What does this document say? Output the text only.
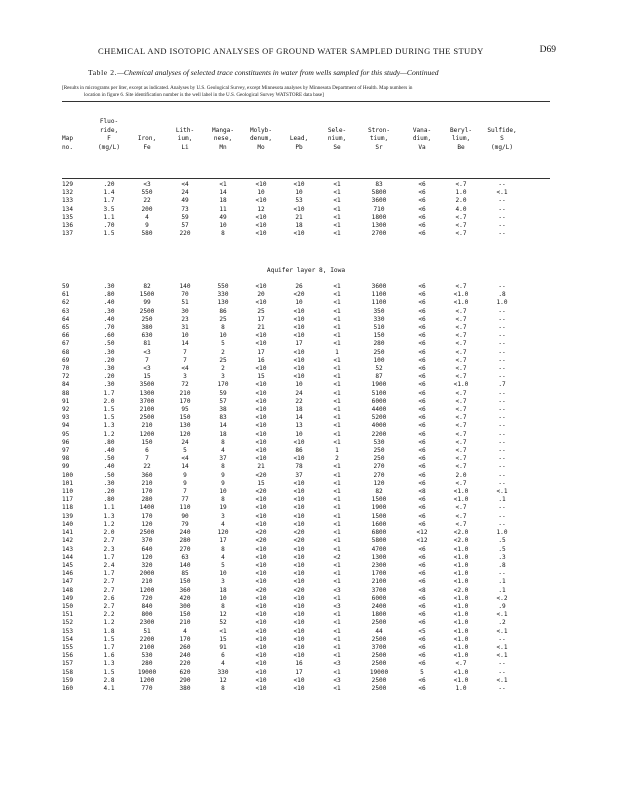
CHEMICAL AND ISOTOPIC ANALYSES OF GROUND WATER SAMPLED DURING THE STUDY	D69
Table 2.—Chemical analyses of selected trace constituents in water from wells sampled for this study—Continued
[Results in micrograms per liter, except as indicated. Analyses by U.S. Geological Survey, except Minnesota analyses by Minnesota Department of Health. Map numbers in
location in figure 6. Site identification number is the well label in the U.S. Geological Survey WATSTORE data base]
	Fluo-										
	ride,		Lith-	Manga-	Molyb-		Sele-	Stron-	Vana-	Beryl-	Sulfide,
Map	F	Iron,	ium,	nese,	denum,	Lead,	nium,	tium,	dium,	lium,	S
no.	(mg/L)	Fe	Li	Mn	Mo	Pb	Se	Sr	Va	Be	(mg/L)
129	.20	<3	<4	<1	<10	<10	<1	83	<6	<.7	--
132	1.4	550	24	14	10	10	<1	5800	<6	1.0	<.1
133	1.7	22	49	18	<10	53	<1	3600	<6	2.0	--
134	3.5	200	73	11	12	<10	<1	710	<6	4.0	--
135	1.1	4	59	49	<10	21	<1	1800	<6	<.7	--
136	.70	9	57	10	<10	18	<1	1300	<6	<.7	--
137	1.5	580	220	8	<10	<10	<1	2700	<6	<.7	--
Aquifer layer 8, Iowa
59	.30	82	140	550	<10	26	<1	3600	<6	<.7	--
61	.80	1500	70	330	20	<20	<1	1100	<6	<1.0	.8
62	.40	99	51	130	<10	10	<1	1100	<6	<1.0	1.0
63	.30	2500	30	86	25	<10	<1	350	<6	<.7	--
64	.40	250	23	25	17	<10	<1	330	<6	<.7	--
65	.70	380	31	8	21	<10	<1	510	<6	<.7	--
66	.60	630	10	10	<10	<10	<1	150	<6	<.7	--
67	.50	81	14	5	<10	17	<1	280	<6	<.7	--
68	.30	<3	7	2	17	<10	1	250	<6	<.7	--
69	.20	7	7	25	16	<10	<1	100	<6	<.7	--
70	.30	<3	<4	2	<10	<10	<1	52	<6	<.7	--
72	.20	15	3	3	15	<10	<1	87	<6	<.7	--
84	.30	3500	72	170	<10	10	<1	1900	<6	<1.0	.7
88	1.7	1300	210	59	<10	24	<1	5100	<6	<.7	--
91	2.0	3700	170	57	<10	22	<1	6000	<6	<.7	--
92	1.5	2100	95	38	<10	18	<1	4400	<6	<.7	--
93	1.5	2500	150	83	<10	14	<1	5200	<6	<.7	--
94	1.3	210	130	14	<10	13	<1	4000	<6	<.7	--
95	1.2	1200	120	18	<10	10	<1	2200	<6	<.7	--
96	.80	150	24	8	<10	<10	<1	530	<6	<.7	--
97	.40	6	5	4	<10	86	1	250	<6	<.7	--
98	.50	7	<4	37	<10	<10	2	250	<6	<.7	--
99	.40	22	14	8	21	78	<1	270	<6	<.7	--
100	.50	360	9	9	<20	37	<1	270	<6	2.0	--
101	.30	210	9	9	15	<10	<1	120	<6	<.7	--
110	.20	170	7	10	<20	<10	<1	82	<8	<1.0	<.1
117	.80	280	77	8	<10	<10	<1	1500	<6	<1.0	.1
118	1.1	1400	110	19	<10	<10	<1	1900	<6	<.7	--
139	1.3	170	90	3	<10	<10	<1	1500	<6	<.7	--
140	1.2	120	79	4	<10	<10	<1	1600	<6	<.7	--
141	2.0	2500	240	120	<20	<20	<1	6800	<12	<2.0	1.0
142	2.7	370	280	17	<20	<20	<1	5800	<12	<2.0	.5
143	2.3	640	270	8	<10	<10	<1	4700	<6	<1.0	.5
144	1.7	120	63	4	<10	<10	<2	1300	<6	<1.0	.3
145	2.4	320	140	5	<10	<10	<1	2300	<6	<1.0	.8
146	1.7	2000	85	10	<10	<10	<1	1700	<6	<1.0	--
147	2.7	210	150	3	<10	<10	<1	2100	<6	<1.0	.1
148	2.7	1200	360	18	<20	<20	<3	3700	<8	<2.0	.1
149	2.6	720	420	10	<10	<10	<1	6000	<6	<1.0	<.2
150	2.7	840	300	8	<10	<10	<3	2400	<6	<1.0	.9
151	2.2	800	150	12	<10	<10	<1	1800	<6	<1.0	<.1
152	1.2	2300	210	52	<10	<10	<1	2500	<6	<1.0	.2
153	1.8	51	4	<1	<10	<10	<1	44	<5	<1.0	<.1
154	1.5	2200	170	15	<10	<10	<1	2500	<6	<1.0	--
155	1.7	2100	260	91	<10	<10	<1	3700	<6	<1.0	<.1
156	1.6	530	240	6	<10	<10	<1	2500	<6	<1.0	<.1
157	1.3	280	220	4	<10	16	<3	2500	<6	<.7	--
158	1.5	19000	620	330	<10	17	<1	19000	5	<1.0	--
159	2.8	1200	290	12	<10	<10	<3	2500	<6	<1.0	<.1
160	4.1	770	380	8	<10	<10	<1	2500	<6	1.0	--
